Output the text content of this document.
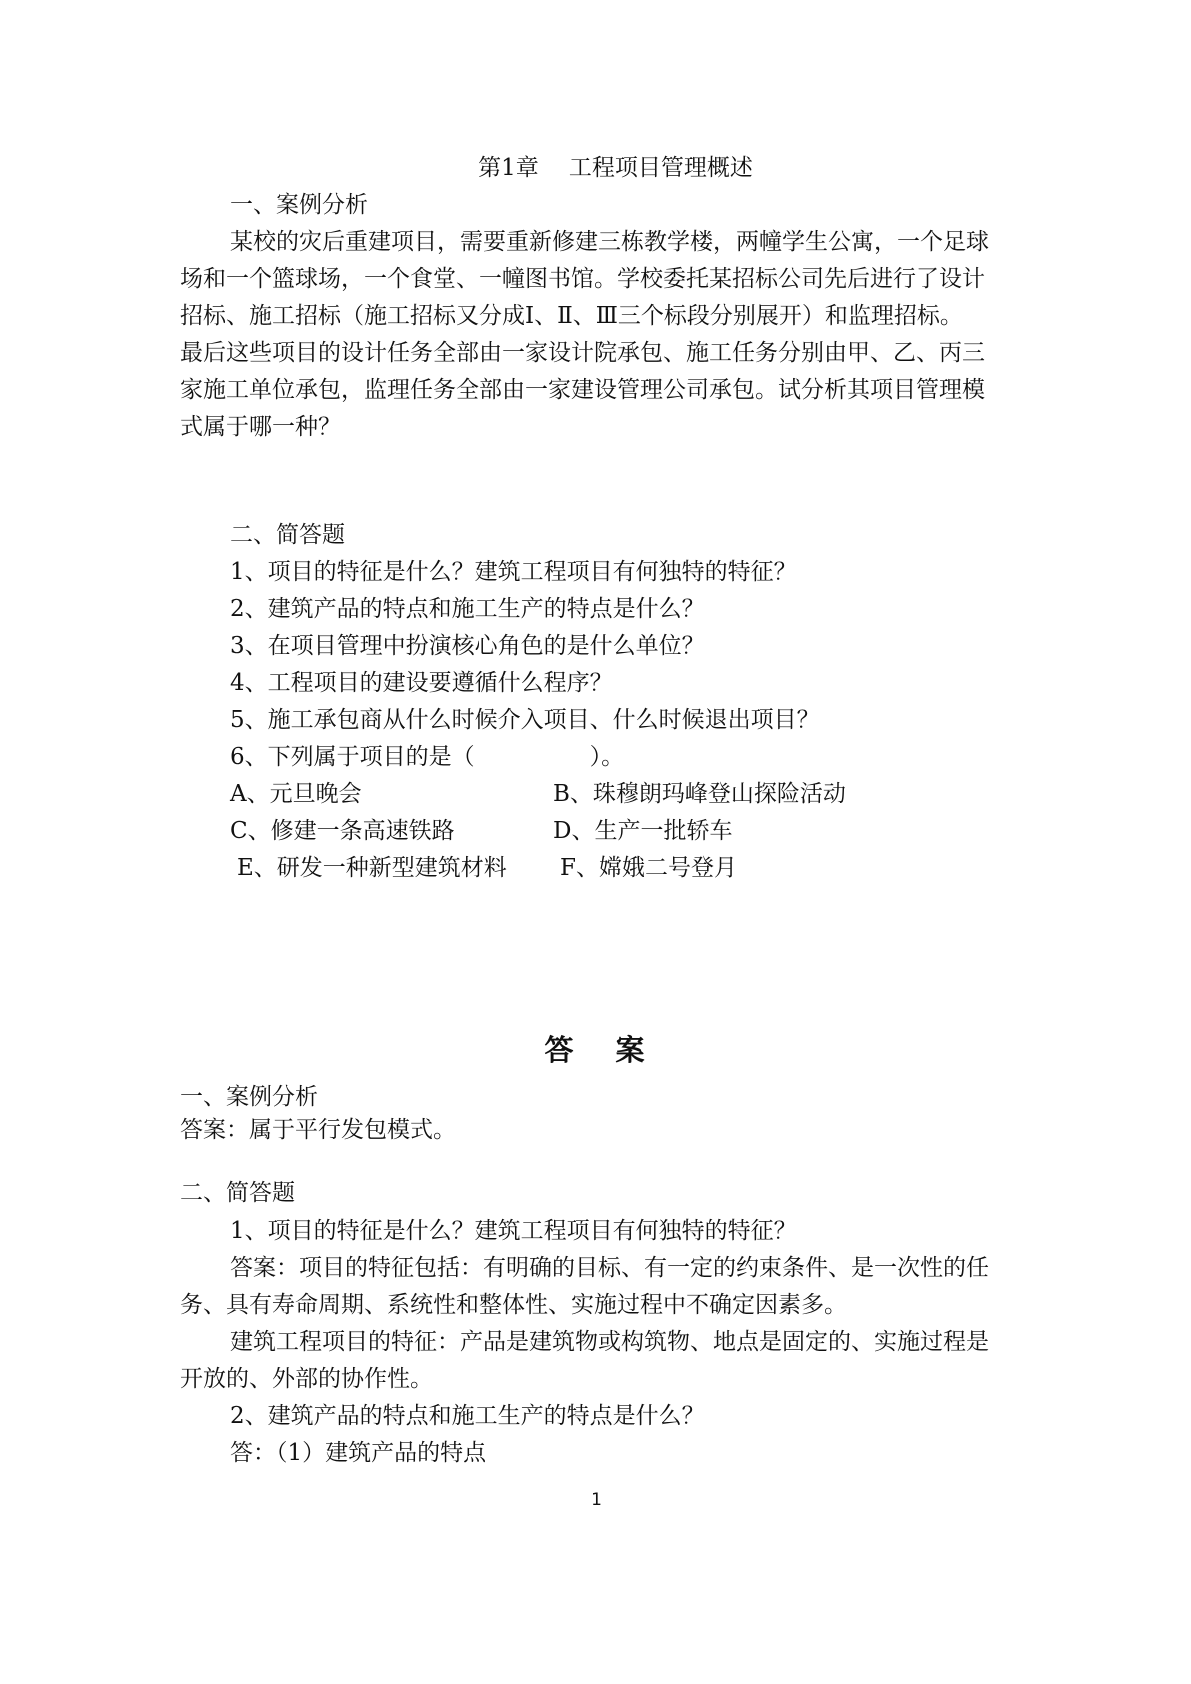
第1章 工程项目管理概述
一、案例分析
某校的灾后重建项目，需要重新修建三栋教学楼，两幢学生公寓，一个足球
场和一个篮球场，一个食堂、一幢图书馆。学校委托某招标公司先后进行了设计
招标、施工招标（施工招标又分成Ⅰ、Ⅱ、Ⅲ三个标段分别展开）和监理招标。
最后这些项目的设计任务全部由一家设计院承包、施工任务分别由甲、乙、丙三
家施工单位承包，监理任务全部由一家建设管理公司承包。试分析其项目管理模
式属于哪一种？
二、简答题
1、项目的特征是什么？建筑工程项目有何独特的特征？
2、建筑产品的特点和施工生产的特点是什么？
3、在项目管理中扮演核心角色的是什么单位？
4、工程项目的建设要遵循什么程序？
5、施工承包商从什么时候介入项目、什么时候退出项目？
6、下列属于项目的是（　　　　　）。
A、元旦晚会	B、珠穆朗玛峰登山探险活动
C、修建一条高速铁路	D、生产一批轿车
E、研发一种新型建筑材料 F、嫦娥二号登月
答 案
一、案例分析
答案：属于平行发包模式。
二、简答题
1、项目的特征是什么？建筑工程项目有何独特的特征？
答案：项目的特征包括：有明确的目标、有一定的约束条件、是一次性的任
务、具有寿命周期、系统性和整体性、实施过程中不确定因素多。
建筑工程项目的特征：产品是建筑物或构筑物、地点是固定的、实施过程是
开放的、外部的协作性。
2、建筑产品的特点和施工生产的特点是什么？
答：（1）建筑产品的特点
1
